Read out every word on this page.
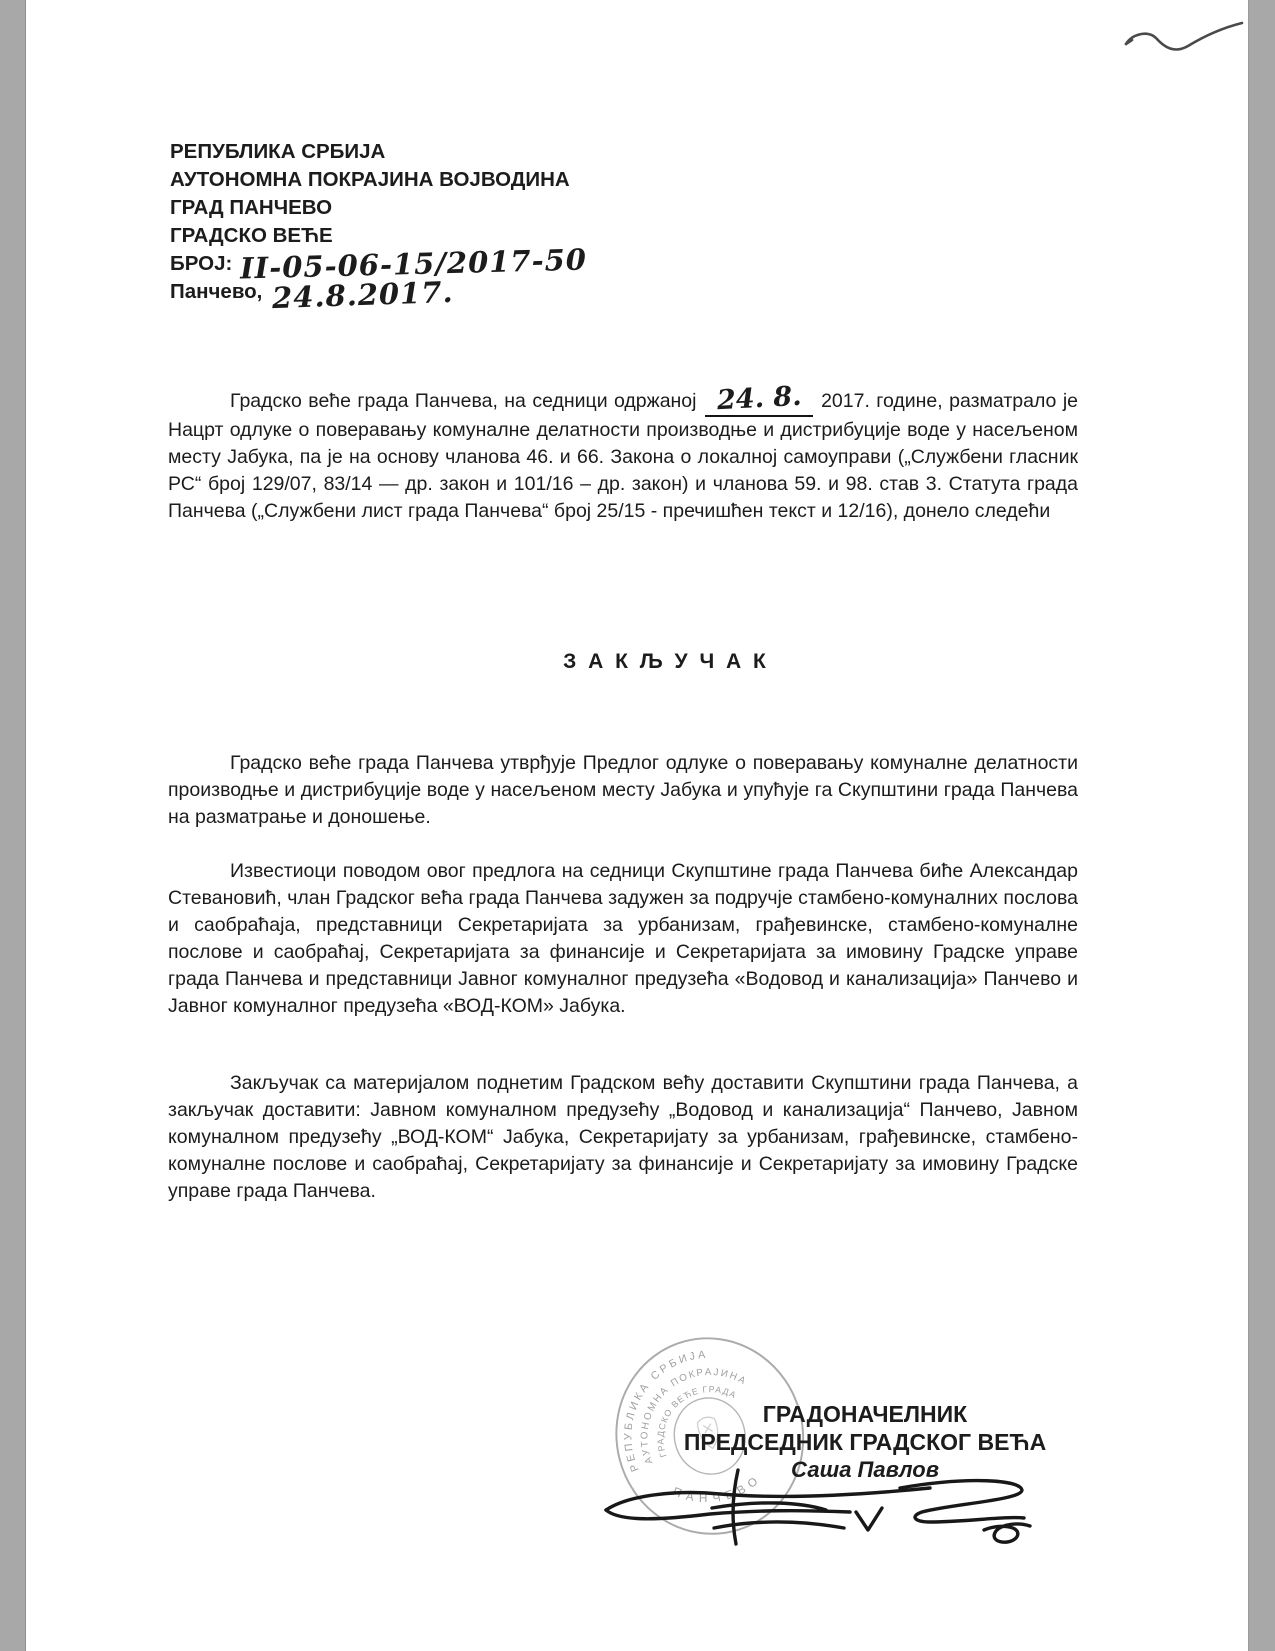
РЕПУБЛИКА СРБИЈА
АУТОНОМНА ПОКРАЈИНА ВОЈВОДИНА
ГРАД ПАНЧЕВО
ГРАДСКО ВЕЋЕ
БРОЈ: II-05-06-15/2017-50
Панчево, 24.8.2017.
Градско веће града Панчева, на седници одржаној 24. 8. 2017. године, разматрало је Нацрт одлуке о поверавању комуналне делатности производње и дистрибуције воде у насељеном месту Јабука, па је на основу чланова 46. и 66. Закона о локалној самоуправи („Службени гласник РС“ број 129/07, 83/14 — др. закон и 101/16 – др. закон) и чланова 59. и 98. став 3. Статута града Панчева („Службени лист града Панчева“ број 25/15 - пречишћен текст и 12/16), донело следећи
З А К Љ У Ч А К
Градско веће града Панчева утврђује Предлог одлуке о поверавању комуналне делатности производње и дистрибуције воде у насељеном месту Јабука и упућује га Скупштини града Панчева на разматрање и доношење.
Известиоци поводом овог предлога на седници Скупштине града Панчева биће Александар Стевановић, члан Градског већа града Панчева задужен за подручје стамбено-комуналних послова и саобраћаја, представници Секретаријата за урбанизам, грађевинске, стамбено-комуналне послове и саобраћај, Секретаријата за финансије и Секретаријата за имовину Градске управе града Панчева и представници Јавног комуналног предузећа «Водовод и канализација» Панчево и Јавног комуналног предузећа «ВОД-КОМ» Јабука.
Закључак са материјалом поднетим Градском већу доставити Скупштини града Панчева, а закључак доставити: Јавном комуналном предузећу „Водовод и канализација“ Панчево, Јавном комуналном предузећу „ВОД-КОМ“ Јабука, Секретаријату за урбанизам, грађевинске, стамбено-комуналне послове и саобраћај, Секретаријату за финансије и Секретаријату за имовину Градске управе града Панчева.
РЕПУБЛИКА СРБИЈА
АУТОНОМНА ПОКРАЈИНА
ГРАДСКО ВЕЋЕ ГРАДА
ПАНЧЕВО
ГРАДОНАЧЕЛНИК
ПРЕДСЕДНИК ГРАДСКОГ ВЕЋА
Саша Павлов
